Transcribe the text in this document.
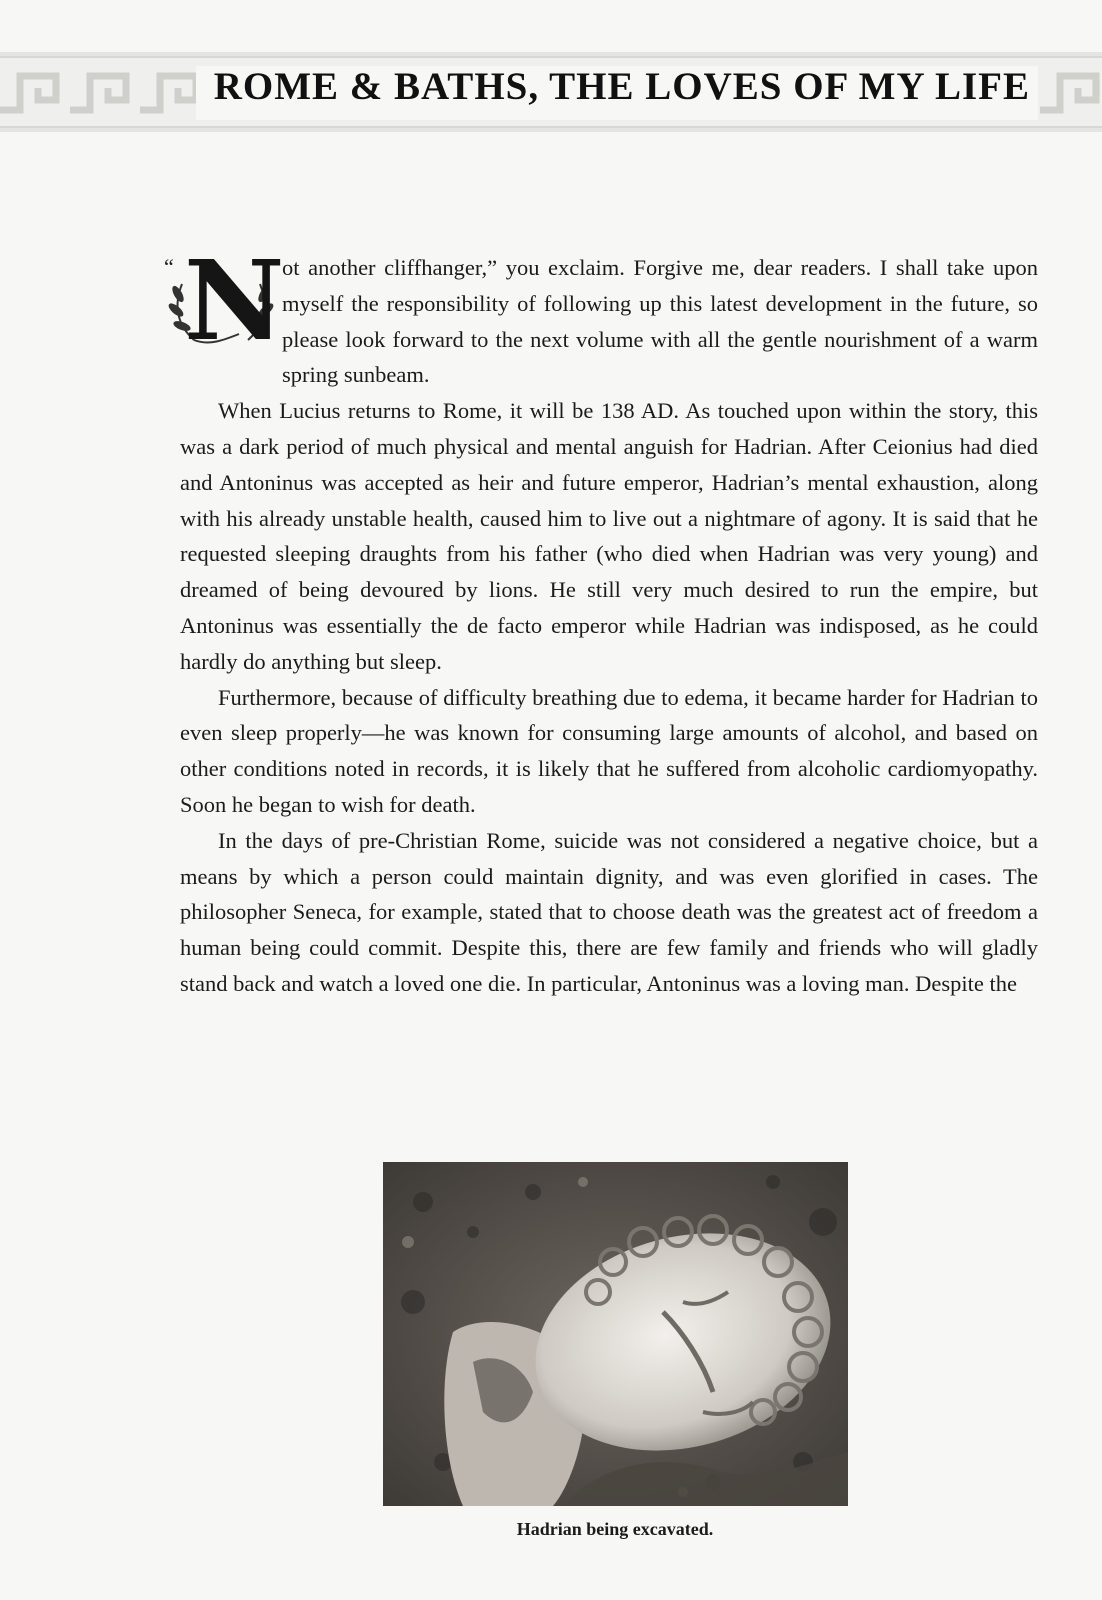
ROME & BATHS, THE LOVES OF MY LIFE

“ N
ot another cliffhanger,” you exclaim. Forgive me, dear readers. I shall take upon myself the responsibility of following up this latest development in the future, so please look forward to the next volume with all the gentle nourishment of a warm spring sunbeam.

When Lucius returns to Rome, it will be 138 AD. As touched upon within the story, this was a dark period of much physical and mental anguish for Hadrian. After Ceionius had died and Antoninus was accepted as heir and future emperor, Hadrian’s mental exhaustion, along with his already unstable health, caused him to live out a nightmare of agony. It is said that he requested sleeping draughts from his father (who died when Hadrian was very young) and dreamed of being devoured by lions. He still very much desired to run the empire, but Antoninus was essentially the de facto emperor while Hadrian was indisposed, as he could hardly do anything but sleep.

Furthermore, because of difficulty breathing due to edema, it became harder for Hadrian to even sleep properly—he was known for consuming large amounts of alcohol, and based on other conditions noted in records, it is likely that he suffered from alcoholic cardiomyopathy. Soon he began to wish for death.

In the days of pre-Christian Rome, suicide was not considered a negative choice, but a means by which a person could maintain dignity, and was even glorified in cases. The philosopher Seneca, for example, stated that to choose death was the greatest act of freedom a human being could commit. Despite this, there are few family and friends who will gladly stand back and watch a loved one die. In particular, Antoninus was a loving man. Despite the

Hadrian being excavated.
